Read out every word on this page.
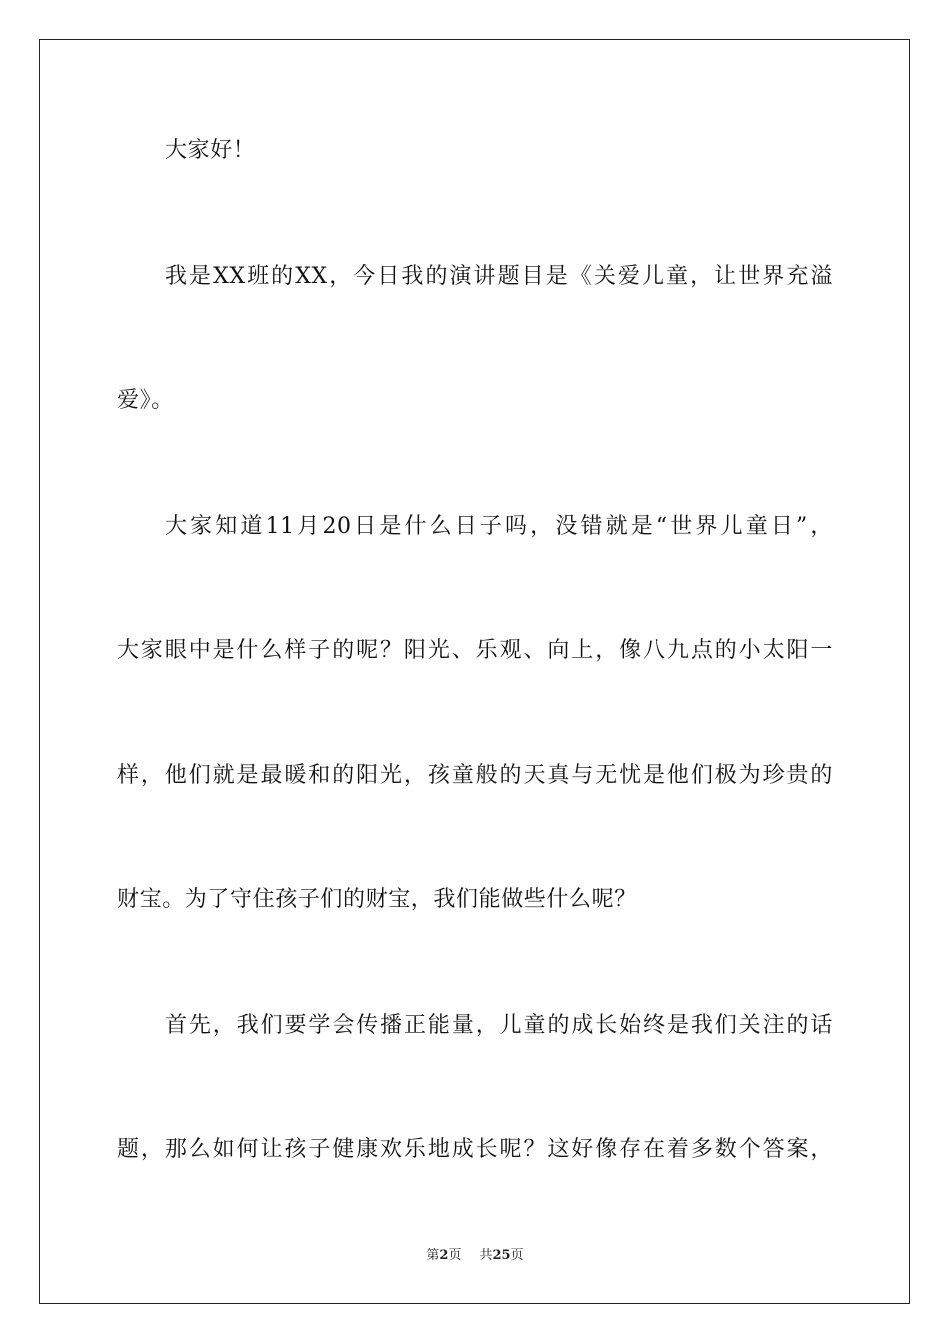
大家好！
我是XX班的XX，今日我的演讲题目是《关爱儿童，让世界充溢
爱》。
大家知道11月20日是什么日子吗，没错就是“世界儿童日”，
大家眼中是什么样子的呢？阳光、乐观、向上，像八九点的小太阳一
样，他们就是最暖和的阳光，孩童般的天真与无忧是他们极为珍贵的
财宝。为了守住孩子们的财宝，我们能做些什么呢？
首先，我们要学会传播正能量，儿童的成长始终是我们关注的话
题，那么如何让孩子健康欢乐地成长呢？这好像存在着多数个答案，
第2页 共25页
